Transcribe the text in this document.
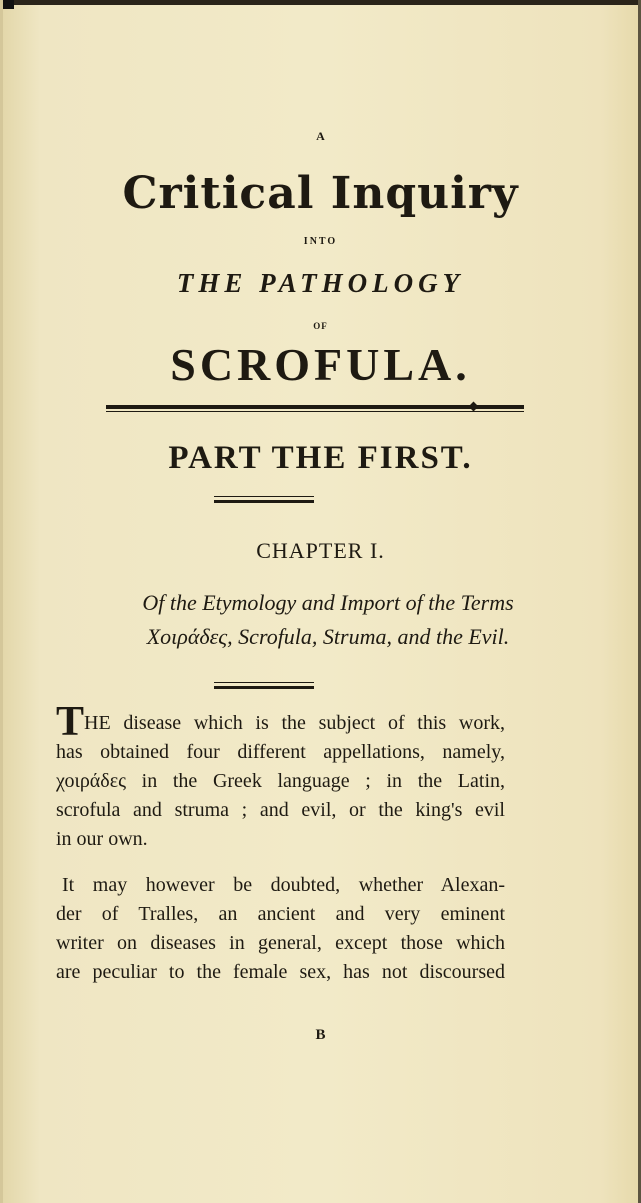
A
Critical Inquiry
INTO
THE PATHOLOGY
OF
SCROFULA.
PART THE FIRST.
CHAPTER I.
Of the Etymology and Import of the Terms
Χοιράδες, Scrofula, Struma, and the Evil.
THE disease which is the subject of this work,
has obtained four different appellations, namely,
χοιράδες in the Greek language ; in the Latin,
scrofula and struma ; and evil, or the king's evil
in our own.
It may however be doubted, whether Alexan-
der of Tralles, an ancient and very eminent
writer on diseases in general, except those which
are peculiar to the female sex, has not discoursed
B
